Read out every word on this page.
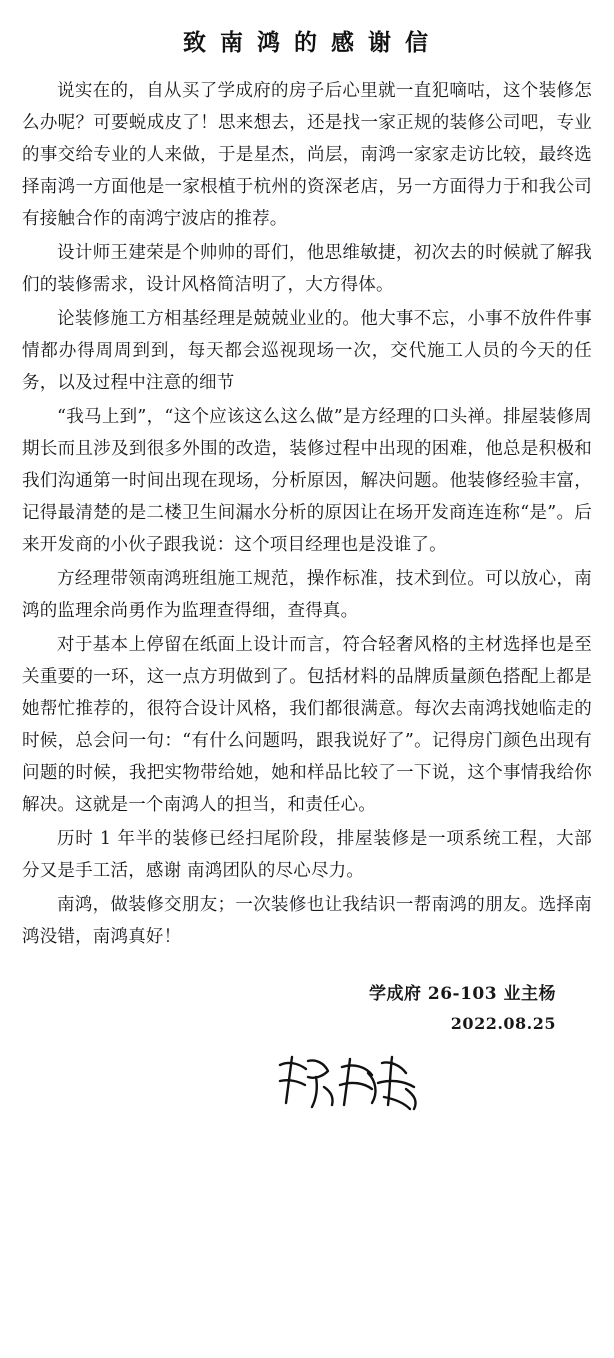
致 南 鸿 的 感 谢 信

说实在的，自从买了学成府的房子后心里就一直犯嘀咕，这个装修怎么办呢？可要蜕成皮了！思来想去，还是找一家正规的装修公司吧，专业的事交给专业的人来做，于是星杰，尚层，南鸿一家家走访比较，最终选择南鸿一方面他是一家根植于杭州的资深老店，另一方面得力于和我公司有接触合作的南鸿宁波店的推荐。

设计师王建荣是个帅帅的哥们，他思维敏捷，初次去的时候就了解我们的装修需求，设计风格简洁明了，大方得体。

论装修施工方相基经理是兢兢业业的。他大事不忘，小事不放件件事情都办得周周到到，每天都会巡视现场一次，交代施工人员的今天的任务，以及过程中注意的细节

“我马上到”，“这个应该这么这么做”是方经理的口头禅。排屋装修周期长而且涉及到很多外围的改造，装修过程中出现的困难，他总是积极和我们沟通第一时间出现在现场，分析原因，解决问题。他装修经验丰富，记得最清楚的是二楼卫生间漏水分析的原因让在场开发商连连称“是”。后来开发商的小伙子跟我说：这个项目经理也是没谁了。

方经理带领南鸿班组施工规范，操作标准，技术到位。可以放心，南鸿的监理余尚勇作为监理查得细，查得真。

对于基本上停留在纸面上设计而言，符合轻奢风格的主材选择也是至关重要的一环，这一点方玥做到了。包括材料的品牌质量颜色搭配上都是她帮忙推荐的，很符合设计风格，我们都很满意。每次去南鸿找她临走的时候，总会问一句：“有什么问题吗，跟我说好了”。记得房门颜色出现有问题的时候，我把实物带给她，她和样品比较了一下说，这个事情我给你解决。这就是一个南鸿人的担当，和责任心。

历时 1 年半的装修已经扫尾阶段，排屋装修是一项系统工程，大部分又是手工活，感谢 南鸿团队的尽心尽力。

南鸿，做装修交朋友；一次装修也让我结识一帮南鸿的朋友。选择南鸿没错，南鸿真好！

学成府 26-103 业主杨
2022.08.25
